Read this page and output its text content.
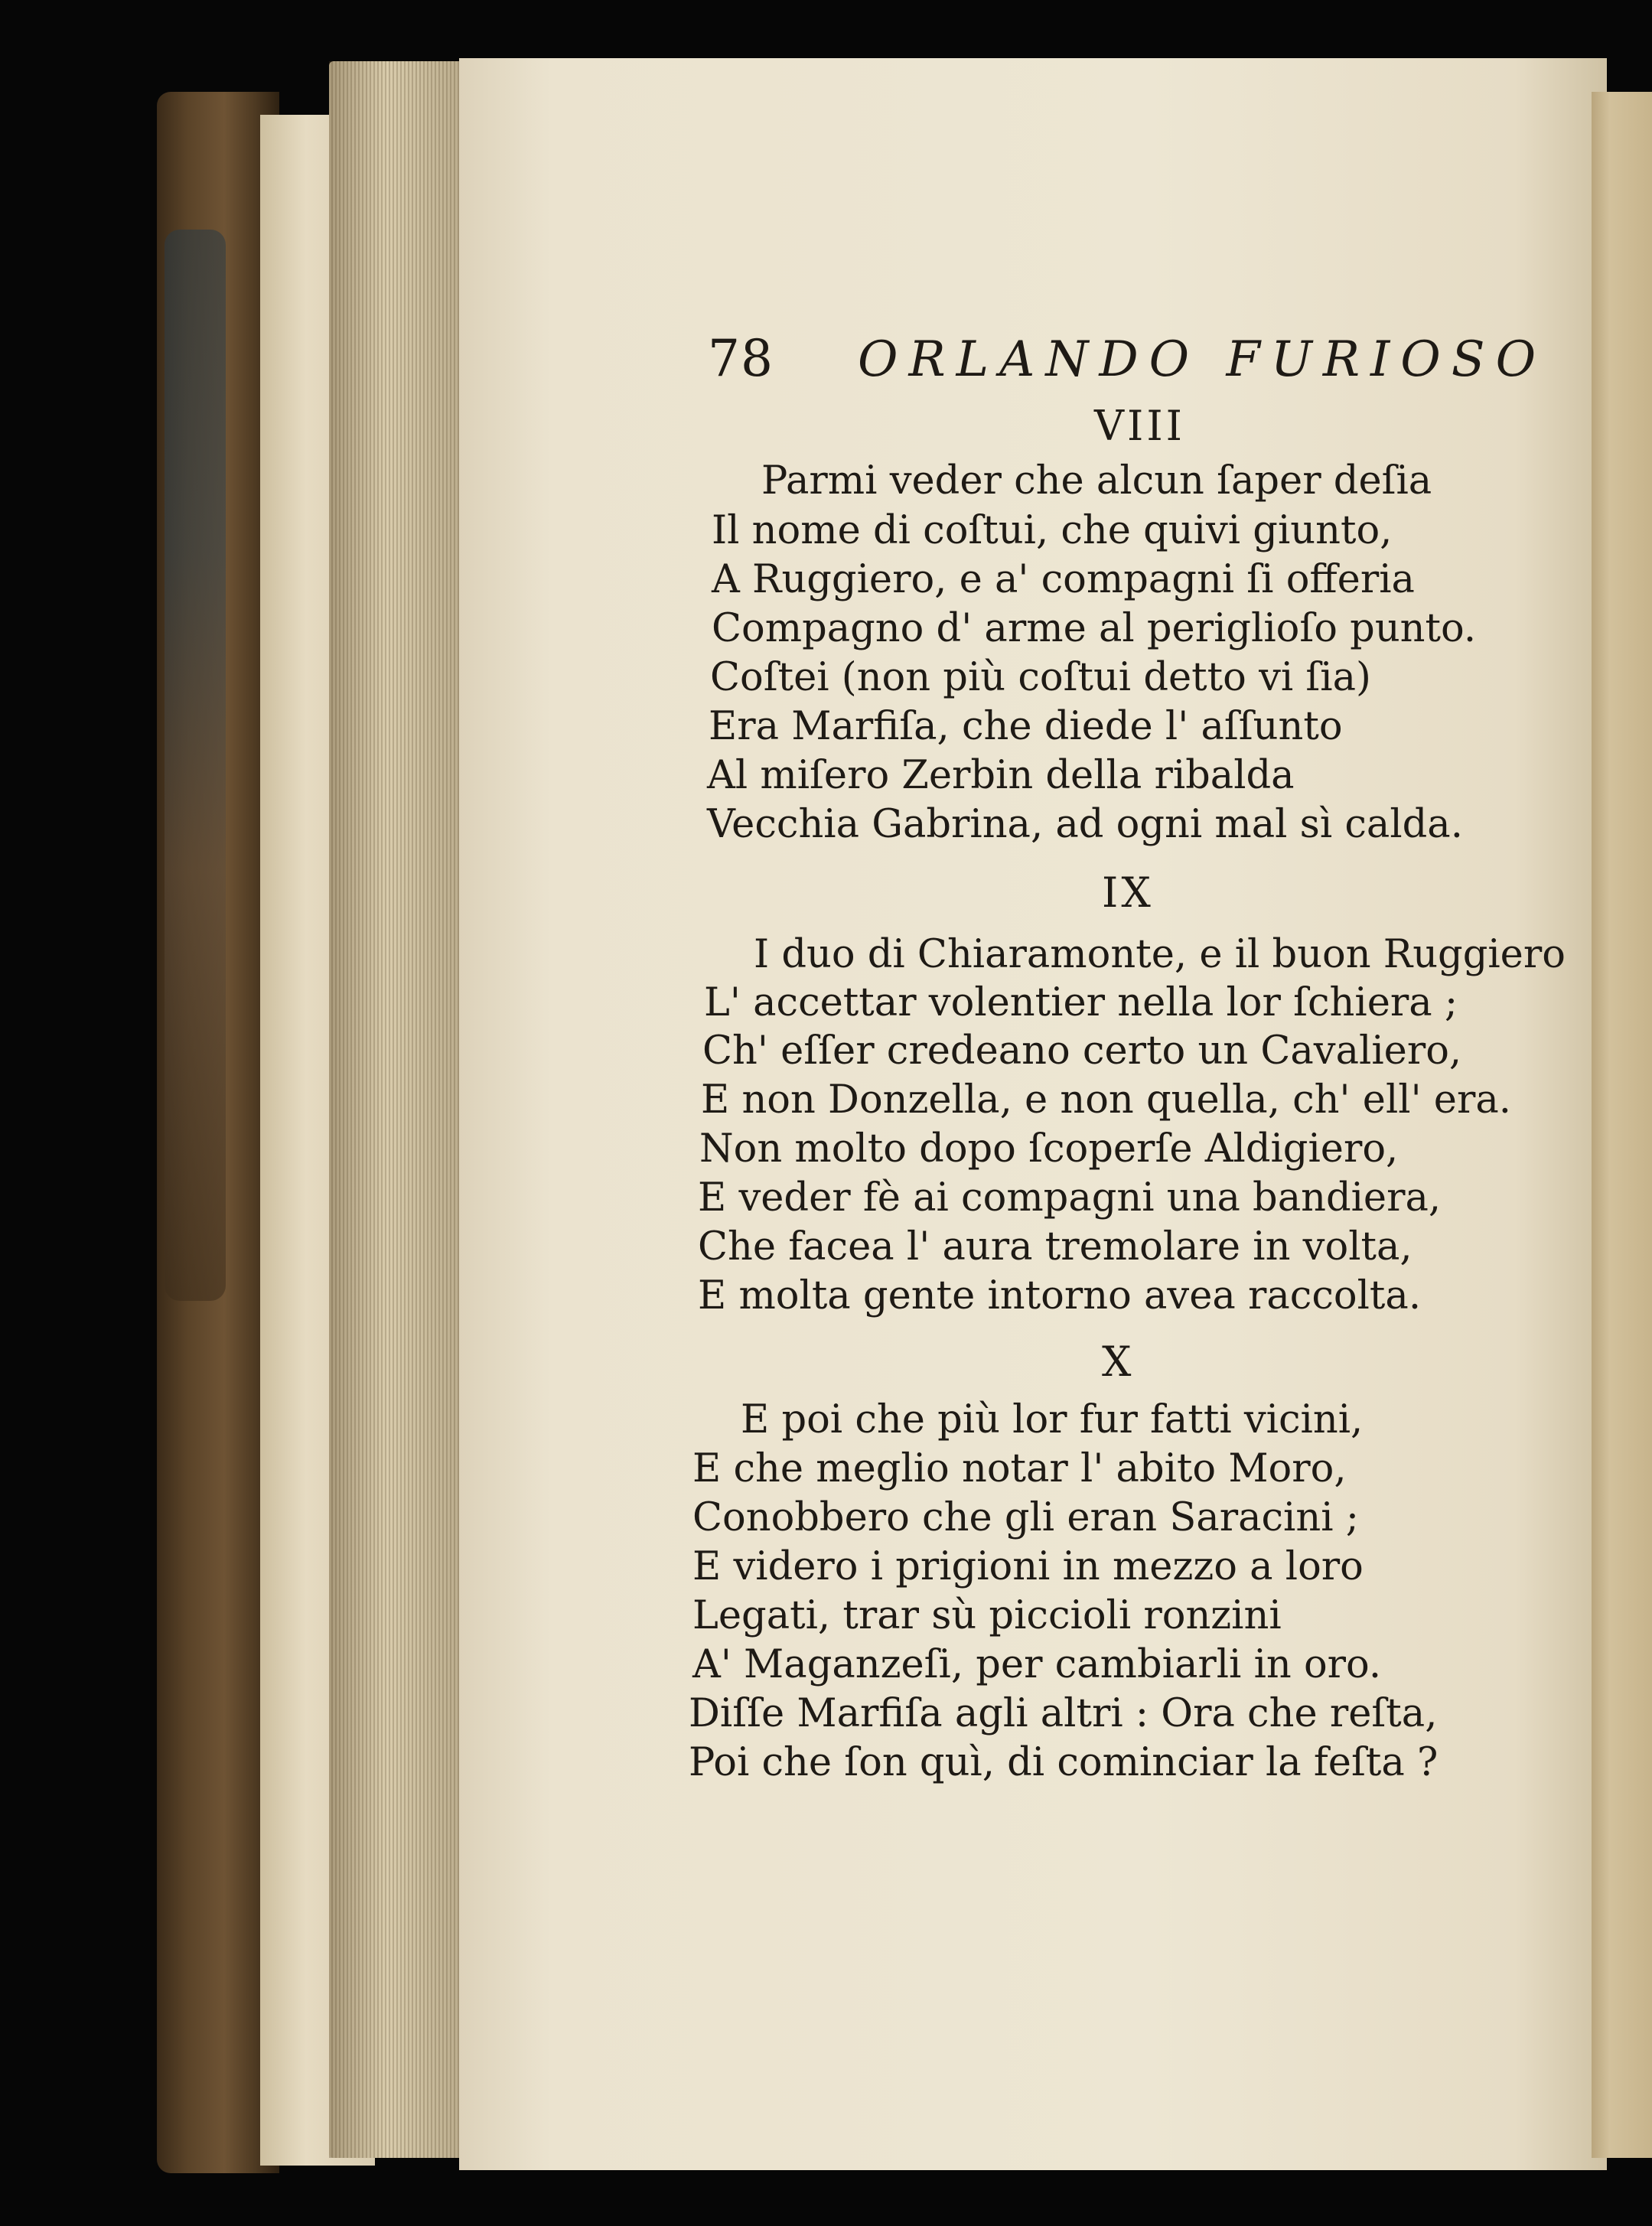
78 ORLANDO FURIOSO
VIII
Parmi veder che alcun ſaper deſia
Il nome di coſtui, che quivi giunto,
A Ruggiero, e a' compagni ſi offeria
Compagno d' arme al periglioſo punto.
Coſtei (non più coſtui detto vi ſia)
Era Marfiſa, che diede l' aſſunto
Al miſero Zerbin della ribalda
Vecchia Gabrina, ad ogni mal sì calda.
IX
I duo di Chiaramonte, e il buon Ruggiero
L' accettar volentier nella lor ſchiera ;
Ch' eſſer credeano certo un Cavaliero,
E non Donzella, e non quella, ch' ell' era.
Non molto dopo ſcoperſe Aldigiero,
E veder fè ai compagni una bandiera,
Che facea l' aura tremolare in volta,
E molta gente intorno avea raccolta.
X
E poi che più lor fur fatti vicini,
E che meglio notar l' abito Moro,
Conobbero che gli eran Saracini ;
E videro i prigioni in mezzo a loro
Legati, trar sù piccioli ronzini
A' Maganzeſi, per cambiarli in oro.
Diſſe Marfiſa agli altri : Ora che reſta,
Poi che ſon quì, di cominciar la feſta ?
